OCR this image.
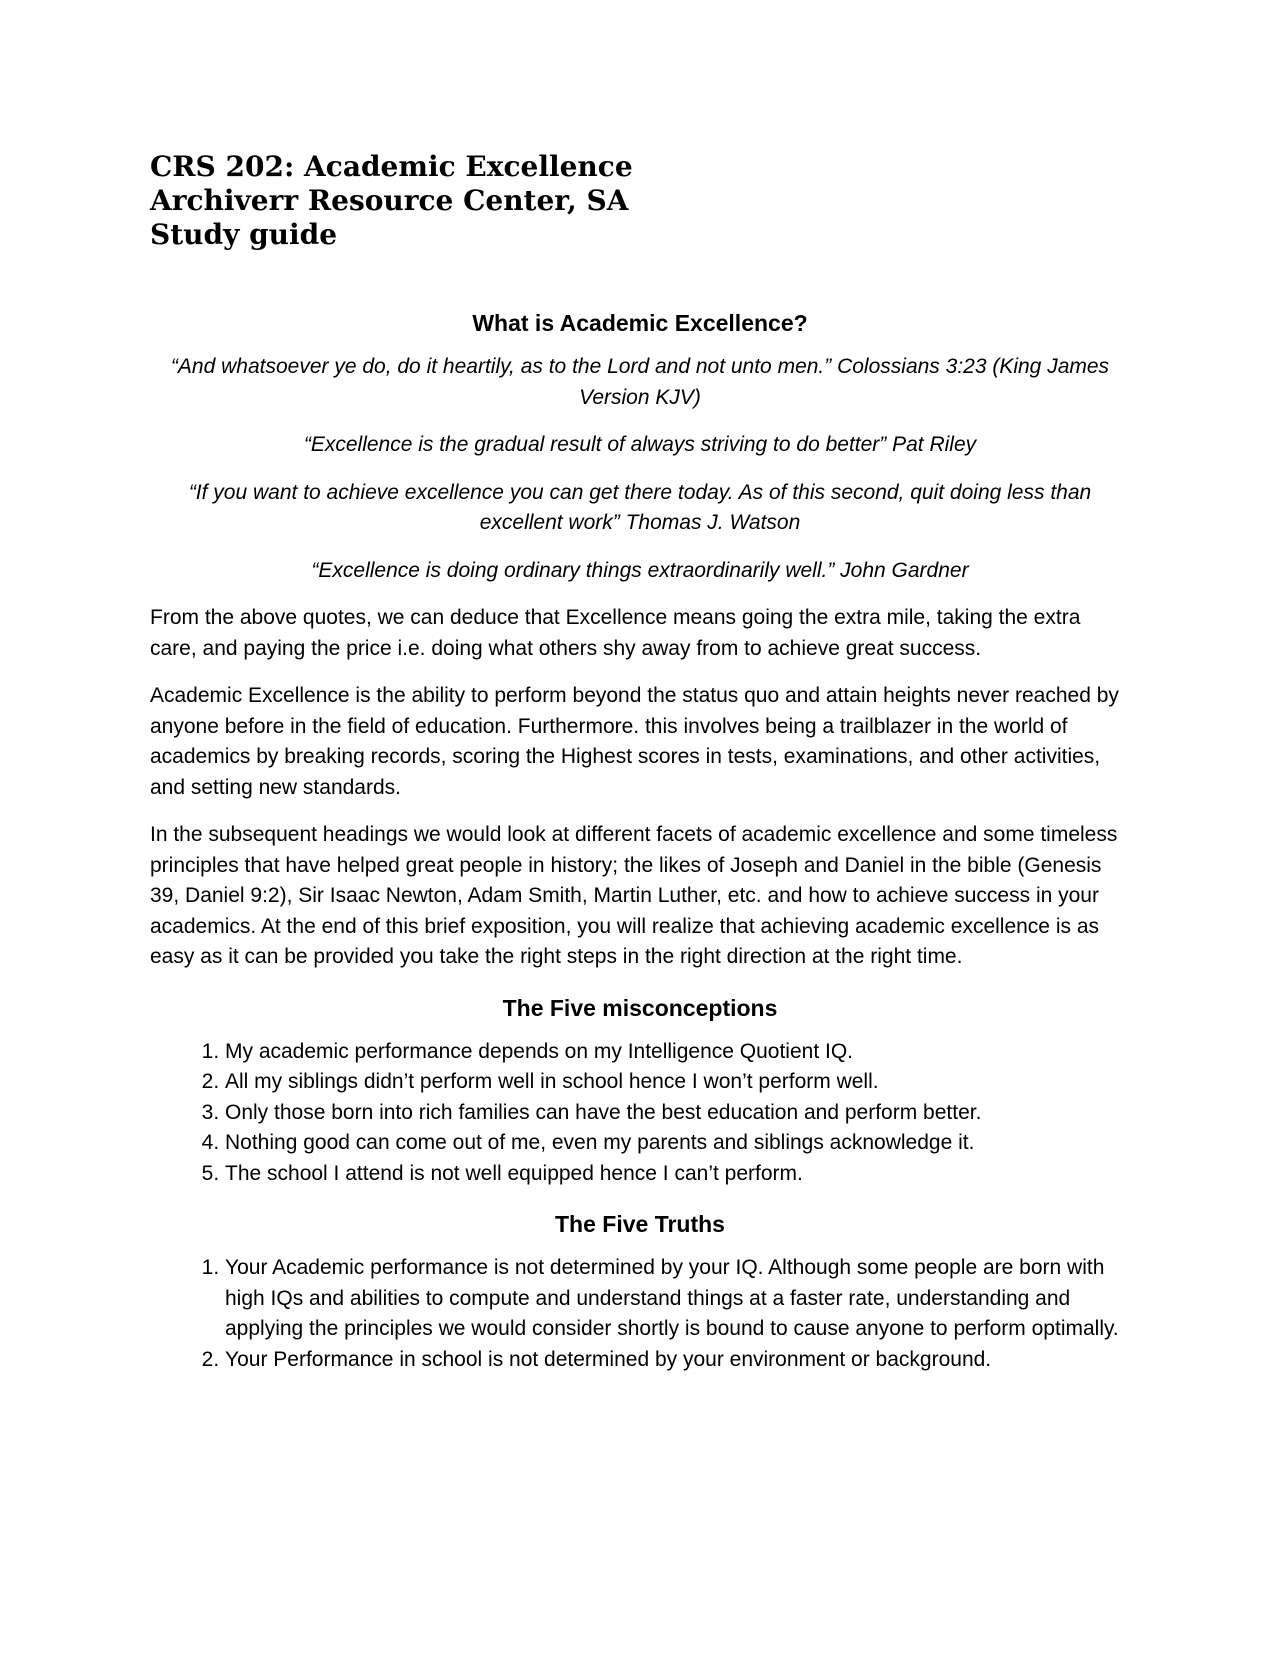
CRS 202: Academic Excellence
Archiverr Resource Center, SA
Study guide
What is Academic Excellence?

“And whatsoever ye do, do it heartily, as to the Lord and not unto men.” Colossians 3:23 (King James Version KJV)

“Excellence is the gradual result of always striving to do better” Pat Riley

“If you want to achieve excellence you can get there today. As of this second, quit doing less than excellent work” Thomas J. Watson

“Excellence is doing ordinary things extraordinarily well.” John Gardner

From the above quotes, we can deduce that Excellence means going the extra mile, taking the extra care, and paying the price i.e. doing what others shy away from to achieve great success.

Academic Excellence is the ability to perform beyond the status quo and attain heights never reached by anyone before in the field of education. Furthermore. this involves being a trailblazer in the world of academics by breaking records, scoring the Highest scores in tests, examinations, and other activities, and setting new standards.

In the subsequent headings we would look at different facets of academic excellence and some timeless principles that have helped great people in history; the likes of Joseph and Daniel in the bible (Genesis 39, Daniel 9:2), Sir Isaac Newton, Adam Smith, Martin Luther, etc. and how to achieve success in your academics. At the end of this brief exposition, you will realize that achieving academic excellence is as easy as it can be provided you take the right steps in the right direction at the right time.

The Five misconceptions
1. My academic performance depends on my Intelligence Quotient IQ.
2. All my siblings didn’t perform well in school hence I won’t perform well.
3. Only those born into rich families can have the best education and perform better.
4. Nothing good can come out of me, even my parents and siblings acknowledge it.
5. The school I attend is not well equipped hence I can’t perform.
The Five Truths
1. Your Academic performance is not determined by your IQ. Although some people are born with high IQs and abilities to compute and understand things at a faster rate, understanding and applying the principles we would consider shortly is bound to cause anyone to perform optimally.
2. Your Performance in school is not determined by your environment or background.
